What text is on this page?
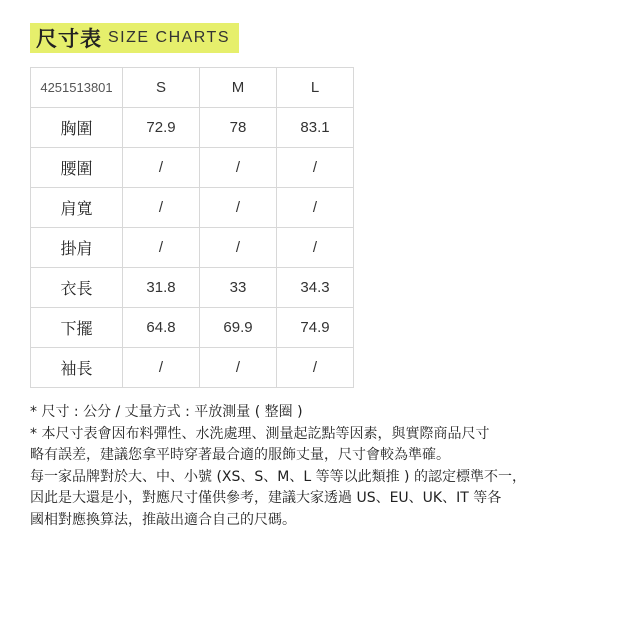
尺寸表 SIZE CHARTS
4251513801	S	M	L
胸圍	72.9	78	83.1
腰圍	/	/	/
肩寬	/	/	/
掛肩	/	/	/
衣長	31.8	33	34.3
下擺	64.8	69.9	74.9
袖長	/	/	/
* 尺寸 : 公分 / 丈量方式 : 平放測量 ( 整圈 )
* 本尺寸表會因布料彈性、水洗處理、測量起訖點等因素，與實際商品尺寸
略有誤差，建議您拿平時穿著最合適的服飾丈量，尺寸會較為準確。
每一家品牌對於大、中、小號 (XS、S、M、L 等等以此類推 ) 的認定標準不一，
因此是大還是小，對應尺寸僅供參考，建議大家透過 US、EU、UK、IT 等各
國相對應換算法，推敲出適合自己的尺碼。
